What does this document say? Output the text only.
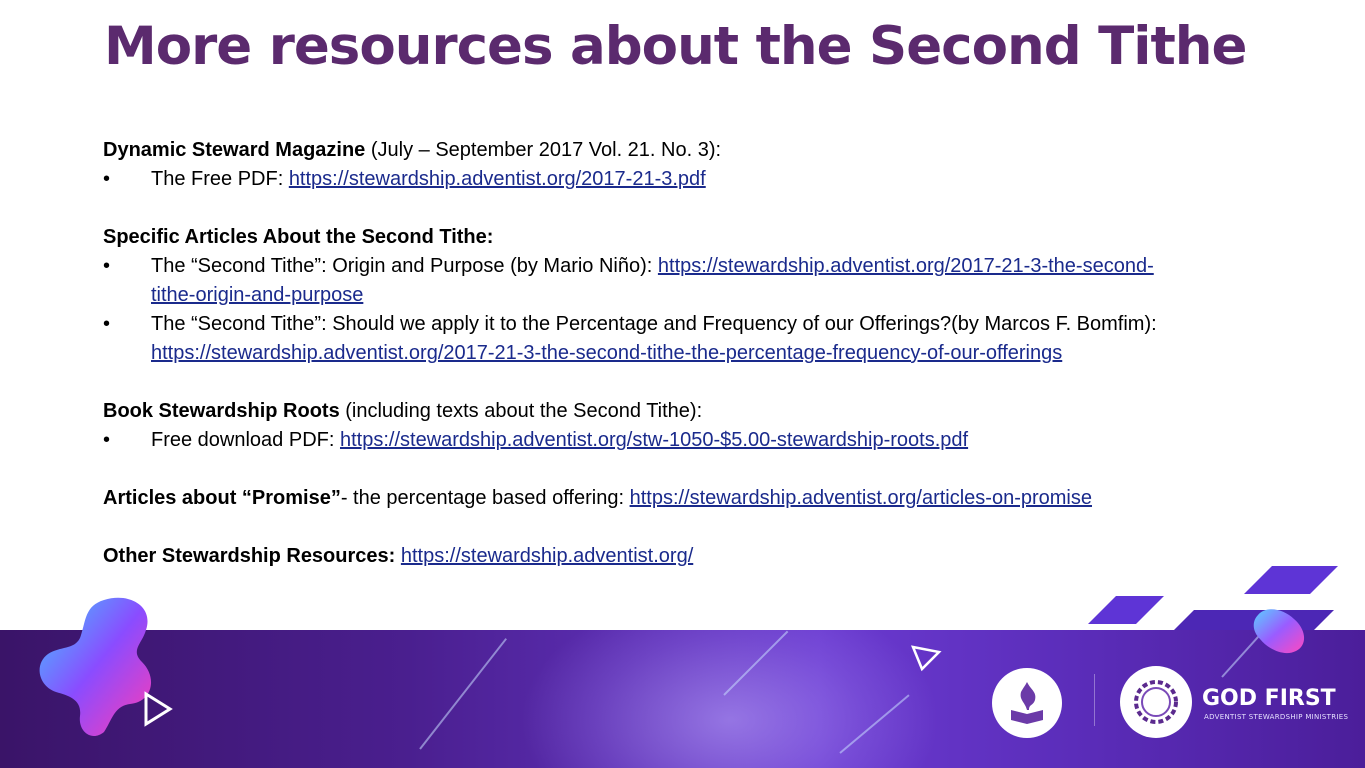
More resources about the Second Tithe
Dynamic Steward Magazine (July – September 2017 Vol. 21. No. 3):
•	The Free PDF: https://stewardship.adventist.org/2017-21-3.pdf
Specific Articles About the Second Tithe:
•	The “Second Tithe”: Origin and Purpose (by Mario Niño): https://stewardship.adventist.org/2017-21-3-the-second-
tithe-origin-and-purpose
•	The “Second Tithe”: Should we apply it to the Percentage and Frequency of our Offerings?(by Marcos F. Bomfim):
https://stewardship.adventist.org/2017-21-3-the-second-tithe-the-percentage-frequency-of-our-offerings
Book Stewardship Roots (including texts about the Second Tithe):
•	Free download PDF: https://stewardship.adventist.org/stw-1050-$5.00-stewardship-roots.pdf
Articles about “Promise”- the percentage based offering: https://stewardship.adventist.org/articles-on-promise
Other Stewardship Resources: https://stewardship.adventist.org/
GOD FIRST
ADVENTIST STEWARDSHIP MINISTRIES
